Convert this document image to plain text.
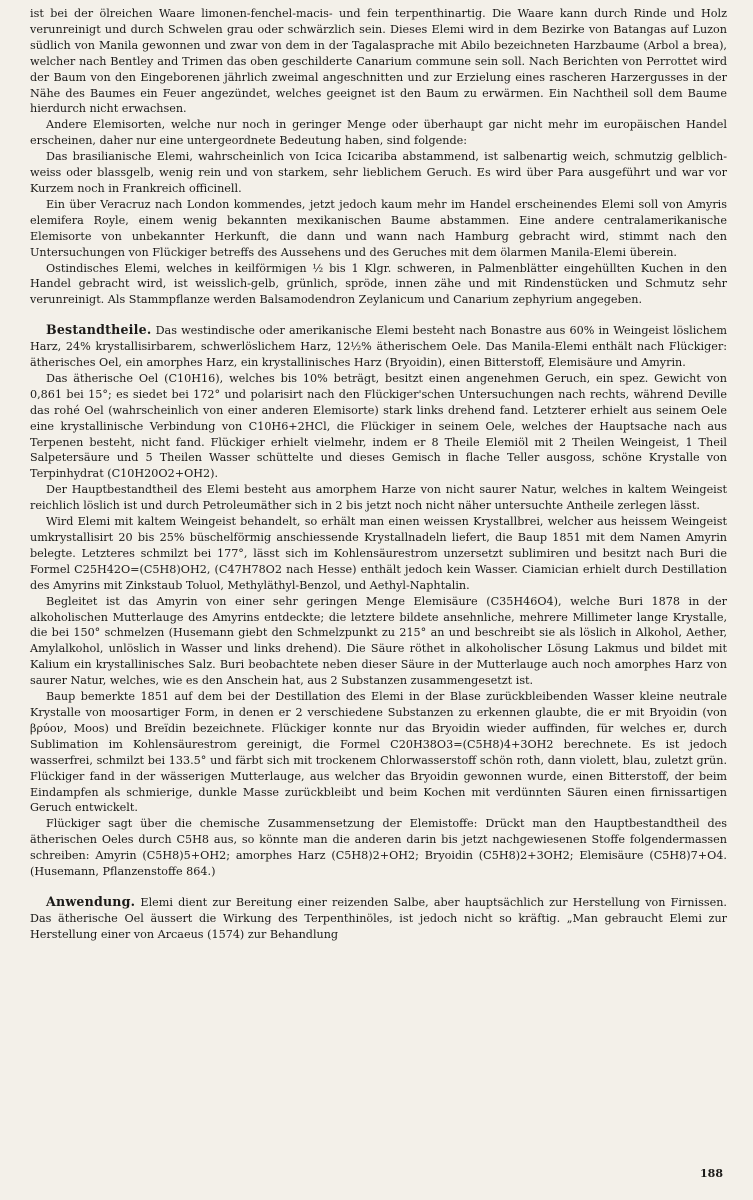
ist bei der ölreichen Waare limonen-fenchel-macis- und fein terpenthinartig. Die Waare kann durch Rinde und Holz verunreinigt und durch Schwelen grau oder schwärzlich sein. Dieses Elemi wird in dem Bezirke von Batangas auf Luzon südlich von Manila gewonnen und zwar von dem in der Tagalasprache mit Abilo bezeichneten Harzbaume (Arbol a brea), welcher nach Bentley and Trimen das oben geschilderte Canarium commune sein soll. Nach Berichten von Perrottet wird der Baum von den Eingeborenen jährlich zweimal angeschnitten und zur Erzielung eines rascheren Harzergusses in der Nähe des Baumes ein Feuer angezündet, welches geeignet ist den Baum zu erwärmen. Ein Nachtheil soll dem Baume hierdurch nicht erwachsen.

Andere Elemisorten, welche nur noch in geringer Menge oder überhaupt gar nicht mehr im europäischen Handel erscheinen, daher nur eine untergeordnete Bedeutung haben, sind folgende:

Das brasilianische Elemi, wahrscheinlich von Icica Icicariba abstammend, ist salbenartig weich, schmutzig gelblich-weiss oder blassgelb, wenig rein und von starkem, sehr lieblichem Geruch. Es wird über Para ausgeführt und war vor Kurzem noch in Frankreich officinell.

Ein über Veracruz nach London kommendes, jetzt jedoch kaum mehr im Handel erscheinendes Elemi soll von Amyris elemifera Royle, einem wenig bekannten mexikanischen Baume abstammen. Eine andere centralamerikanische Elemisorte von unbekannter Herkunft, die dann und wann nach Hamburg gebracht wird, stimmt nach den Untersuchungen von Flückiger betreffs des Aussehens und des Geruches mit dem ölarmen Manila-Elemi überein.

Ostindisches Elemi, welches in keilförmigen ½ bis 1 Klgr. schweren, in Palmenblätter eingehüllten Kuchen in den Handel gebracht wird, ist weisslich-gelb, grünlich, spröde, innen zähe und mit Rindenstücken und Schmutz sehr verunreinigt. Als Stammpflanze werden Balsamodendron Zeylanicum und Canarium zephyrium angegeben.

Bestandtheile. Das westindische oder amerikanische Elemi besteht nach Bonastre aus 60% in Weingeist löslichem Harz, 24% krystallisirbarem, schwerlöslichem Harz, 12½% ätherischem Oele. Das Manila-Elemi enthält nach Flückiger: ätherisches Oel, ein amorphes Harz, ein krystallinisches Harz (Bryoidin), einen Bitterstoff, Elemisäure und Amyrin.

Das ätherische Oel (C10H16), welches bis 10% beträgt, besitzt einen angenehmen Geruch, ein spez. Gewicht von 0,861 bei 15°; es siedet bei 172° und polarisirt nach den Flückiger'schen Untersuchungen nach rechts, während Deville das rohé Oel (wahrscheinlich von einer anderen Elemisorte) stark links drehend fand. Letzterer erhielt aus seinem Oele eine krystallinische Verbindung von C10H6+2HCl, die Flückiger in seinem Oele, welches der Hauptsache nach aus Terpenen besteht, nicht fand. Flückiger erhielt vielmehr, indem er 8 Theile Elemiöl mit 2 Theilen Weingeist, 1 Theil Salpetersäure und 5 Theilen Wasser schüttelte und dieses Gemisch in flache Teller ausgoss, schöne Krystalle von Terpinhydrat (C10H20O2+OH2).

Der Hauptbestandtheil des Elemi besteht aus amorphem Harze von nicht saurer Natur, welches in kaltem Weingeist reichlich löslich ist und durch Petroleumäther sich in 2 bis jetzt noch nicht näher untersuchte Antheile zerlegen lässt.

Wird Elemi mit kaltem Weingeist behandelt, so erhält man einen weissen Krystallbrei, welcher aus heissem Weingeist umkrystallisirt 20 bis 25% büschelförmig anschiessende Krystallnadeln liefert, die Baup 1851 mit dem Namen Amyrin belegte. Letzteres schmilzt bei 177°, lässt sich im Kohlensäurestrom unzersetzt sublimiren und besitzt nach Buri die Formel C25H42O=(C5H8)OH2, (C47H78O2 nach Hesse) enthält jedoch kein Wasser. Ciamician erhielt durch Destillation des Amyrins mit Zinkstaub Toluol, Methyläthyl-Benzol, und Aethyl-Naphtalin.

Begleitet ist das Amyrin von einer sehr geringen Menge Elemisäure (C35H46O4), welche Buri 1878 in der alkoholischen Mutterlauge des Amyrins entdeckte; die letztere bildete ansehnliche, mehrere Millimeter lange Krystalle, die bei 150° schmelzen (Husemann giebt den Schmelzpunkt zu 215° an und beschreibt sie als löslich in Alkohol, Aether, Amylalkohol, unlöslich in Wasser und links drehend). Die Säure röthet in alkoholischer Lösung Lakmus und bildet mit Kalium ein krystallinisches Salz. Buri beobachtete neben dieser Säure in der Mutterlauge auch noch amorphes Harz von saurer Natur, welches, wie es den Anschein hat, aus 2 Substanzen zusammengesetzt ist.

Baup bemerkte 1851 auf dem bei der Destillation des Elemi in der Blase zurückbleibenden Wasser kleine neutrale Krystalle von moosartiger Form, in denen er 2 verschiedene Substanzen zu erkennen glaubte, die er mit Bryoidin (von βρύον, Moos) und Breïdin bezeichnete. Flückiger konnte nur das Bryoidin wieder auffinden, für welches er, durch Sublimation im Kohlensäurestrom gereinigt, die Formel C20H38O3=(C5H8)4+3OH2 berechnete. Es ist jedoch wasserfrei, schmilzt bei 133.5° und färbt sich mit trockenem Chlorwasserstoff schön roth, dann violett, blau, zuletzt grün. Flückiger fand in der wässerigen Mutterlauge, aus welcher das Bryoidin gewonnen wurde, einen Bitterstoff, der beim Eindampfen als schmierige, dunkle Masse zurückbleibt und beim Kochen mit verdünnten Säuren einen firnissartigen Geruch entwickelt.

Flückiger sagt über die chemische Zusammensetzung der Elemistoffe: Drückt man den Hauptbestandtheil des ätherischen Oeles durch C5H8 aus, so könnte man die anderen darin bis jetzt nachgewiesenen Stoffe folgendermassen schreiben: Amyrin (C5H8)5+OH2; amorphes Harz (C5H8)2+OH2; Bryoidin (C5H8)2+3OH2; Elemisäure (C5H8)7+O4. (Husemann, Pflanzenstoffe 864.)

Anwendung. Elemi dient zur Bereitung einer reizenden Salbe, aber hauptsächlich zur Herstellung von Firnissen. Das ätherische Oel äussert die Wirkung des Terpenthinöles, ist jedoch nicht so kräftig. „Man gebraucht Elemi zur Herstellung einer von Arcaeus (1574) zur Behandlung

188
